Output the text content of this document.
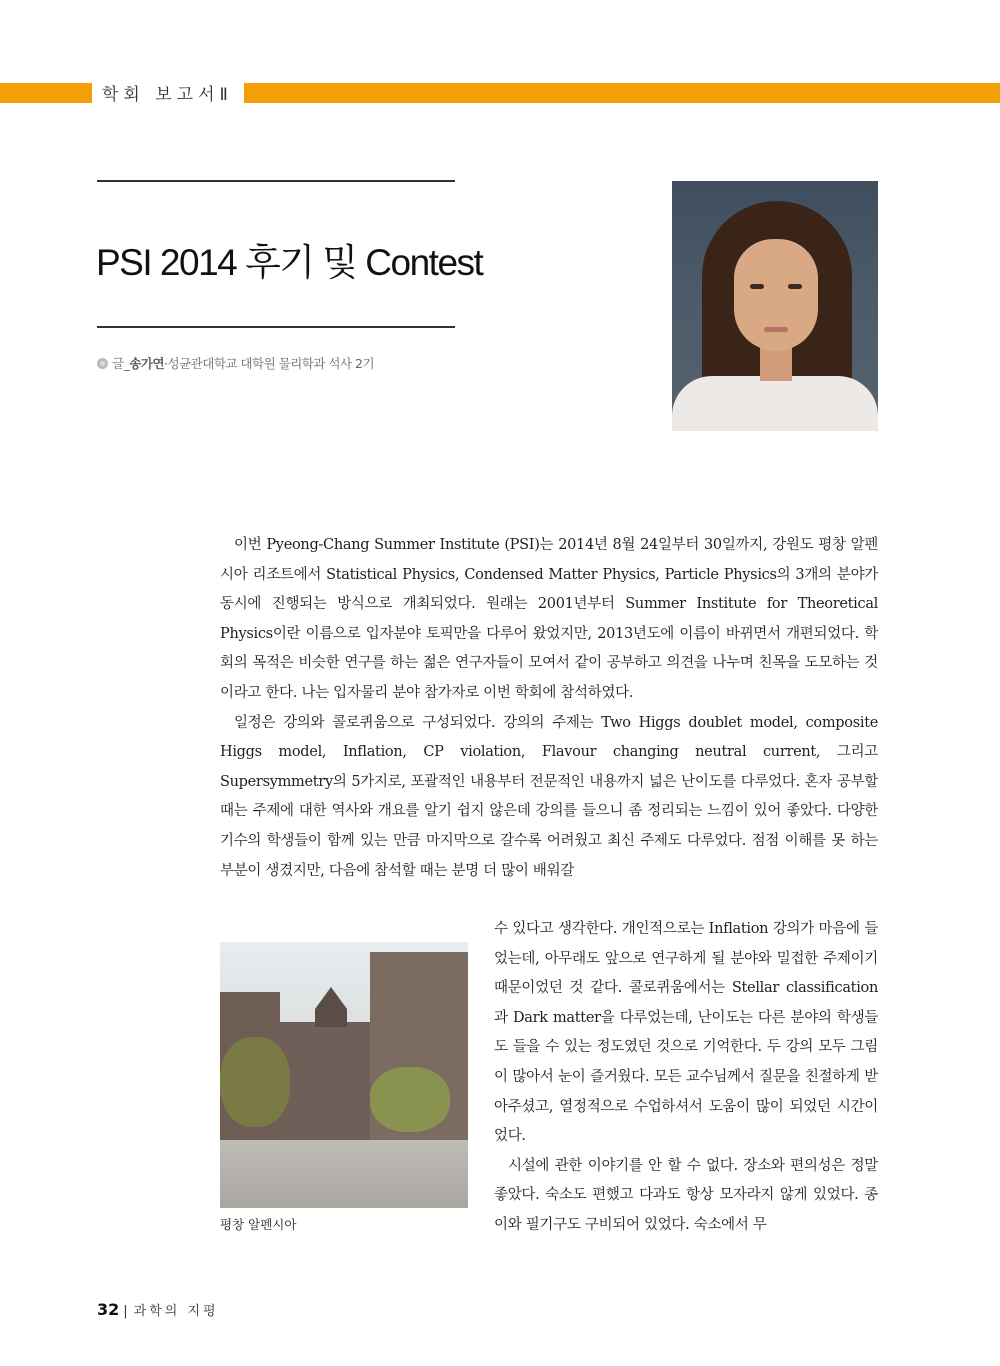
학회 보고서Ⅱ
PSI 2014 후기 및 Contest
글_송가연·성균관대학교 대학원 물리학과 석사 2기

이번 Pyeong-Chang Summer Institute (PSI)는 2014년 8월 24일부터 30일까지, 강원도 평창 알펜시아 리조트에서 Statistical Physics, Condensed Matter Physics, Particle Physics의 3개의 분야가 동시에 진행되는 방식으로 개최되었다. 원래는 2001년부터 Summer Institute for Theoretical Physics이란 이름으로 입자분야 토픽만을 다루어 왔었지만, 2013년도에 이름이 바뀌면서 개편되었다. 학회의 목적은 비슷한 연구를 하는 젊은 연구자들이 모여서 같이 공부하고 의견을 나누며 친목을 도모하는 것이라고 한다. 나는 입자물리 분야 참가자로 이번 학회에 참석하였다.

일정은 강의와 콜로퀴움으로 구성되었다. 강의의 주제는 Two Higgs doublet model, composite Higgs model, Inflation, CP violation, Flavour changing neutral current, 그리고 Supersymmetry의 5가지로, 포괄적인 내용부터 전문적인 내용까지 넓은 난이도를 다루었다. 혼자 공부할 때는 주제에 대한 역사와 개요를 알기 쉽지 않은데 강의를 들으니 좀 정리되는 느낌이 있어 좋았다. 다양한 기수의 학생들이 함께 있는 만큼 마지막으로 갈수록 어려웠고 최신 주제도 다루었다. 점점 이해를 못 하는 부분이 생겼지만, 다음에 참석할 때는 분명 더 많이 배워갈

평창 알펜시아

수 있다고 생각한다. 개인적으로는 Inflation 강의가 마음에 들었는데, 아무래도 앞으로 연구하게 될 분야와 밀접한 주제이기 때문이었던 것 같다. 콜로퀴움에서는 Stellar classification과 Dark matter을 다루었는데, 난이도는 다른 분야의 학생들도 들을 수 있는 정도였던 것으로 기억한다. 두 강의 모두 그림이 많아서 눈이 즐거웠다. 모든 교수님께서 질문을 친절하게 받아주셨고, 열정적으로 수업하셔서 도움이 많이 되었던 시간이었다.

시설에 관한 이야기를 안 할 수 없다. 장소와 편의성은 정말 좋았다. 숙소도 편했고 다과도 항상 모자라지 않게 있었다. 종이와 필기구도 구비되어 있었다. 숙소에서 무

32 | 과학의 지평
